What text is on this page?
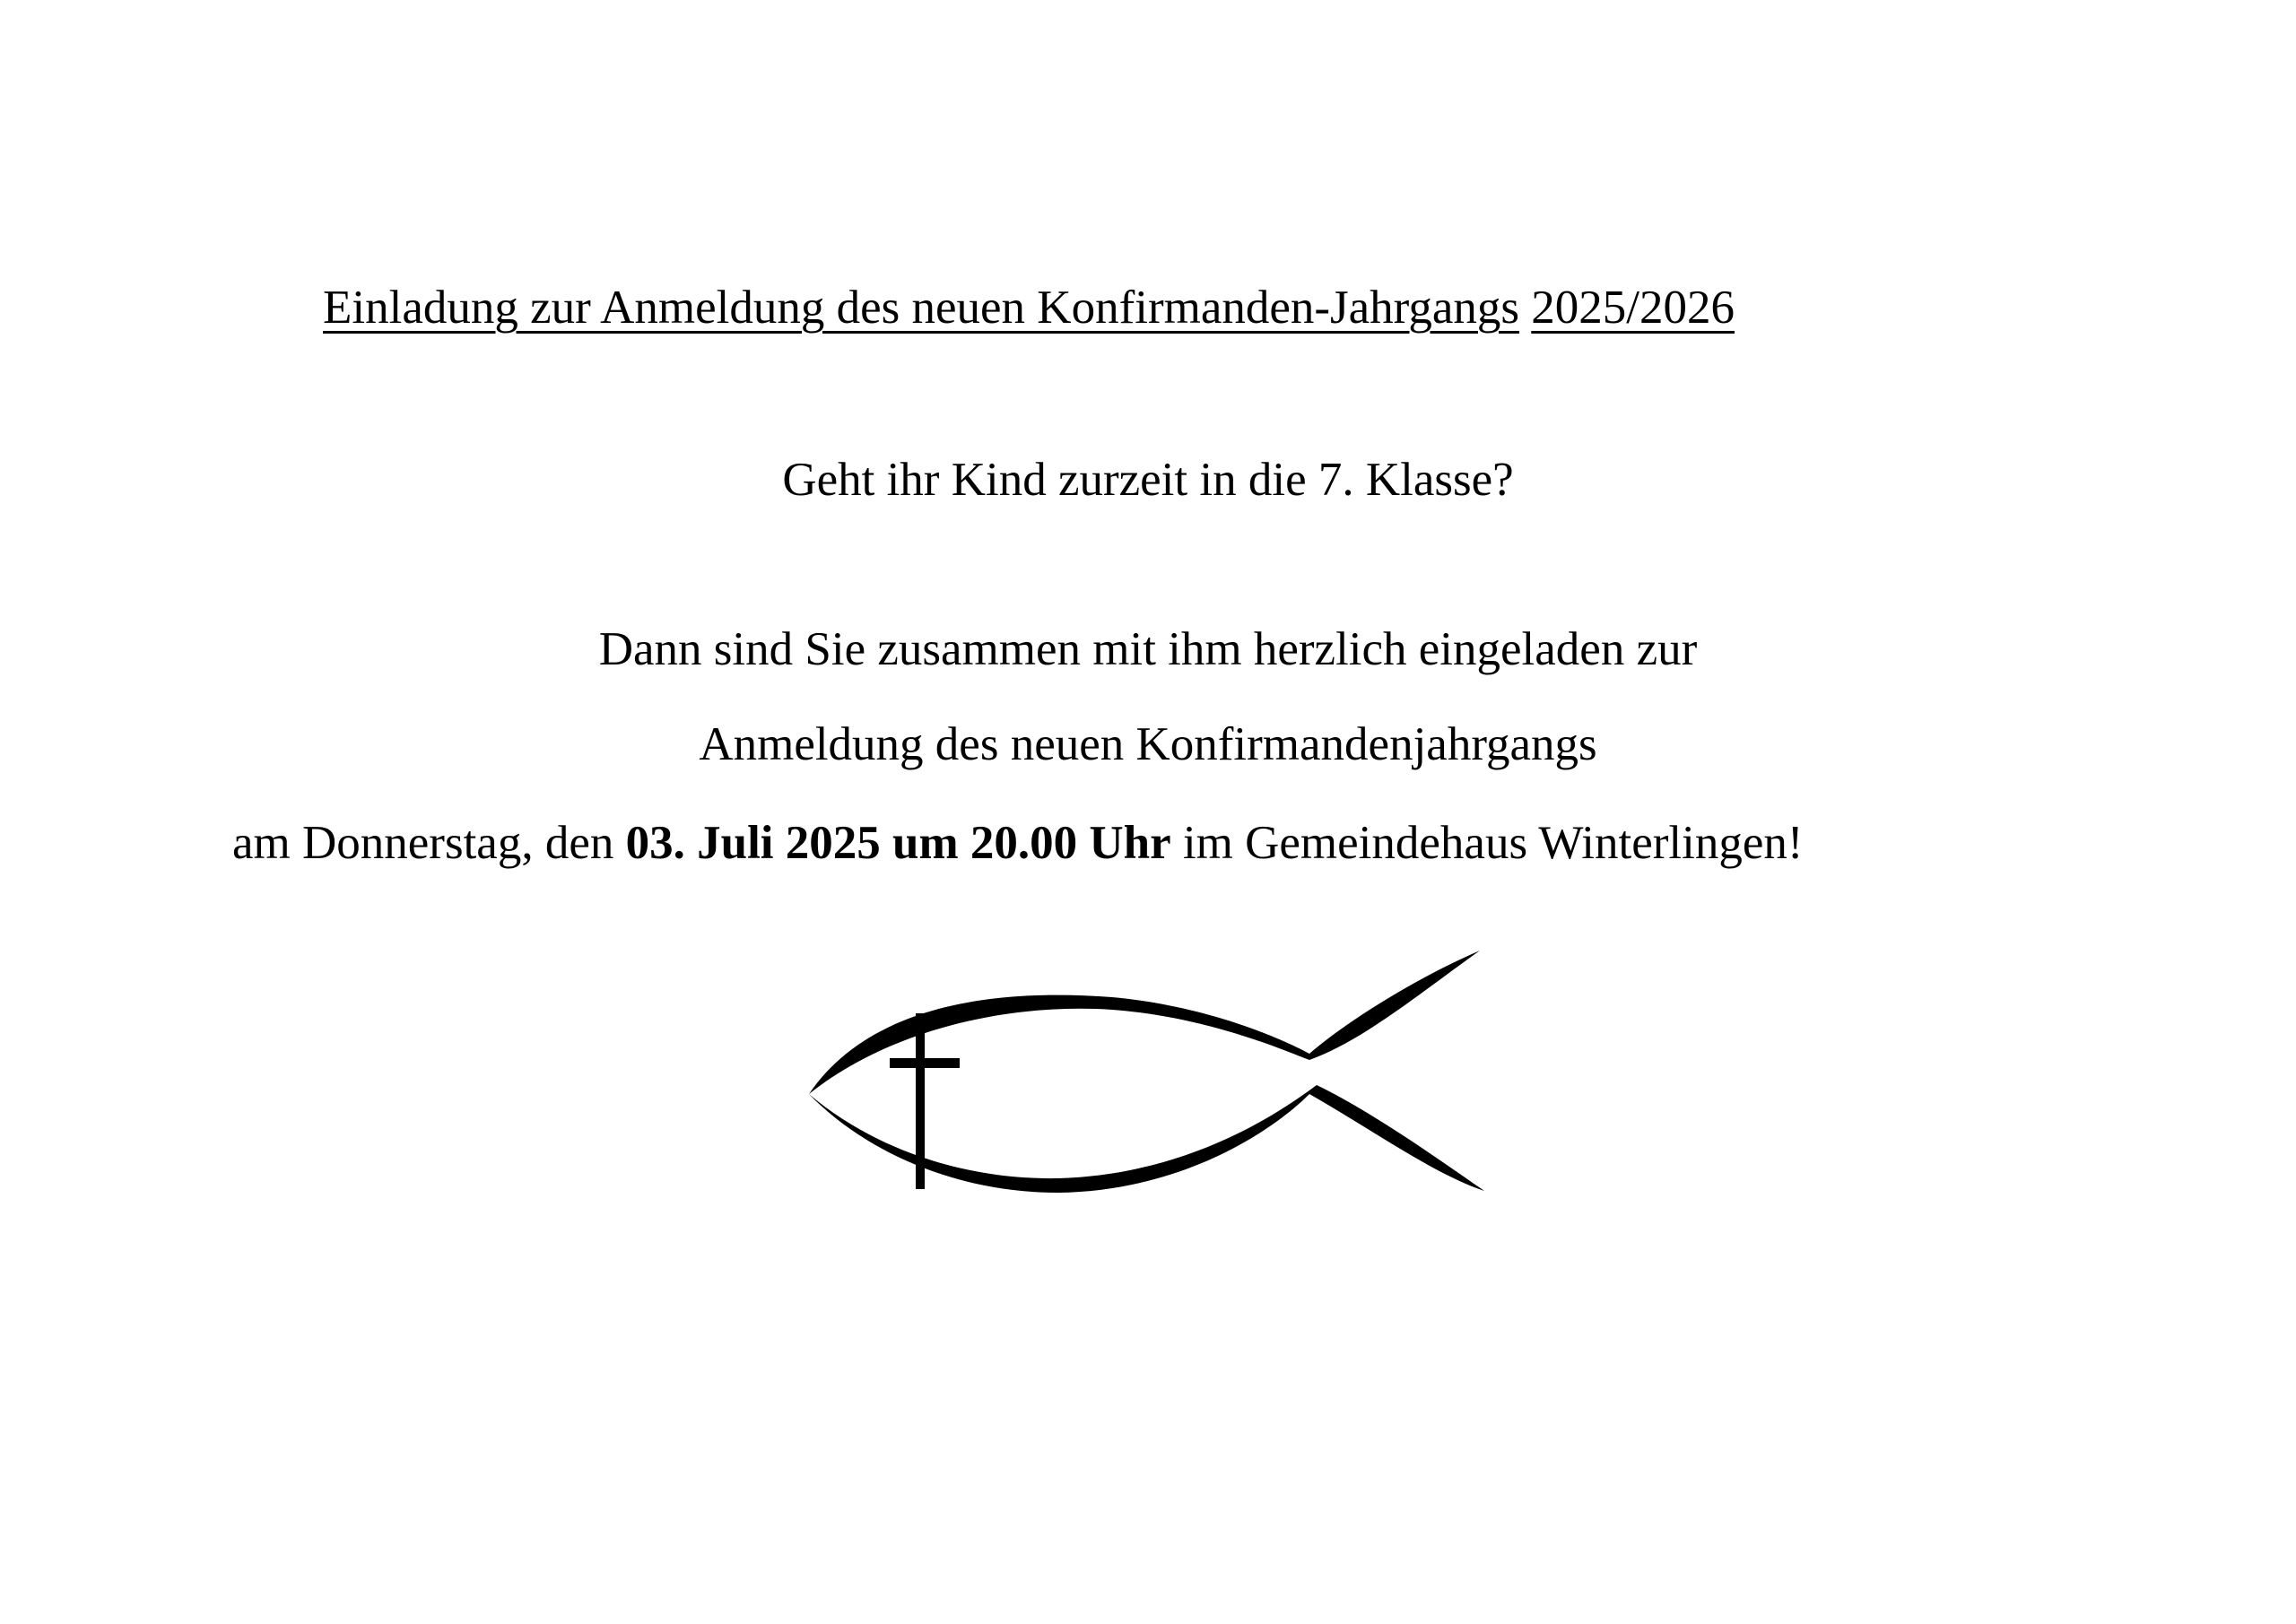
Einladung zur Anmeldung des neuen Konfirmanden-Jahrgangs 2025/2026
Geht ihr Kind zurzeit in die 7. Klasse?
Dann sind Sie zusammen mit ihm herzlich eingeladen zur
Anmeldung des neuen Konfirmandenjahrgangs
am Donnerstag, den 03. Juli 2025 um 20.00 Uhr im Gemeindehaus Winterlingen!
